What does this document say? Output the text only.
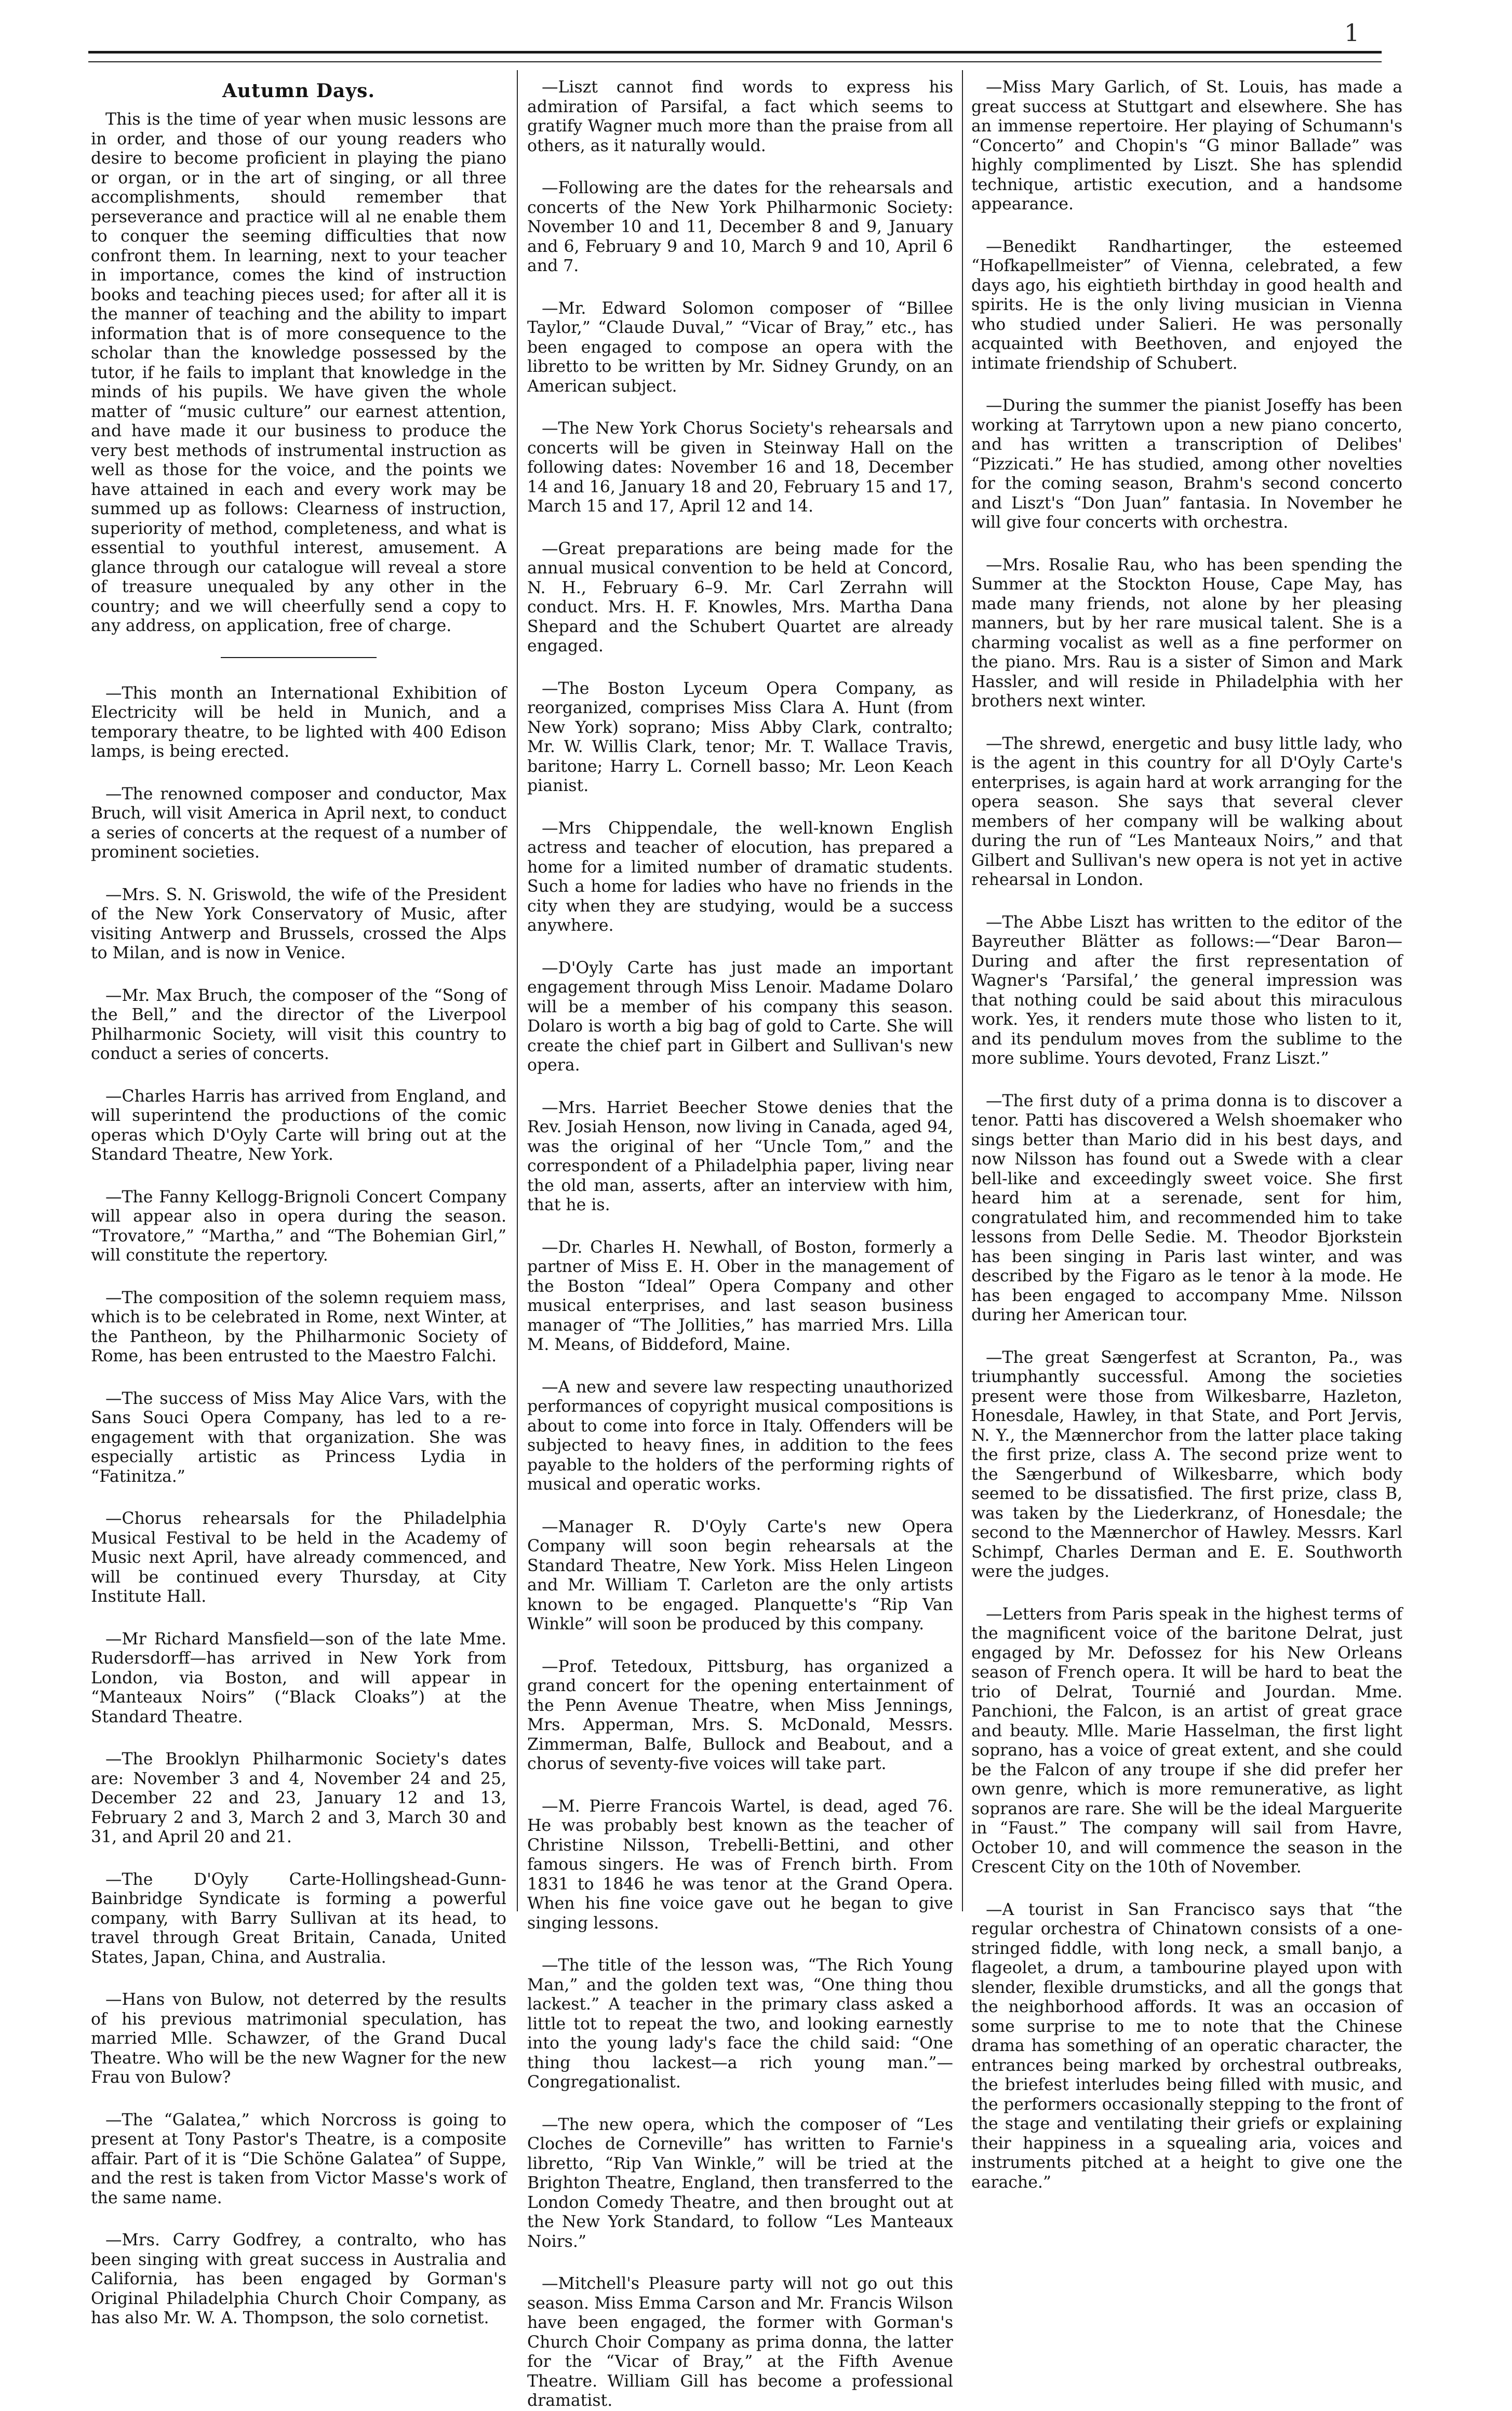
1
Autumn Days.

This is the time of year when music lessons are in order, and those of our young readers who desire to become proficient in playing the piano or organ, or in the art of singing, or all three accomplishments, should remember that perseverance and practice will al ne enable them to conquer the seeming difficulties that now confront them. In learning, next to your teacher in importance, comes the kind of instruction books and teaching pieces used; for after all it is the manner of teaching and the ability to impart information that is of more consequence to the scholar than the knowledge possessed by the tutor, if he fails to implant that knowledge in the minds of his pupils. We have given the whole matter of “music culture” our earnest attention, and have made it our business to produce the very best methods of instrumental instruction as well as those for the voice, and the points we have attained in each and every work may be summed up as follows: Clearness of instruction, superiority of method, completeness, and what is essential to youthful interest, amusement. A glance through our catalogue will reveal a store of treasure unequaled by any other in the country; and we will cheerfully send a copy to any address, on application, free of charge.

—This month an International Exhibition of Electricity will be held in Munich, and a temporary theatre, to be lighted with 400 Edison lamps, is being erected.

—The renowned composer and conductor, Max Bruch, will visit America in April next, to conduct a series of concerts at the request of a number of prominent societies.

—Mrs. S. N. Griswold, the wife of the President of the New York Conservatory of Music, after visiting Antwerp and Brussels, crossed the Alps to Milan, and is now in Venice.

—Mr. Max Bruch, the composer of the “Song of the Bell,” and the director of the Liverpool Philharmonic Society, will visit this country to conduct a series of concerts.

—Charles Harris has arrived from England, and will superintend the productions of the comic operas which D'Oyly Carte will bring out at the Standard Theatre, New York.

—The Fanny Kellogg-Brignoli Concert Company will appear also in opera during the season. “Trovatore,” “Martha,” and “The Bohemian Girl,” will constitute the repertory.

—The composition of the solemn requiem mass, which is to be celebrated in Rome, next Winter, at the Pantheon, by the Philharmonic Society of Rome, has been entrusted to the Maestro Falchi.

—The success of Miss May Alice Vars, with the Sans Souci Opera Company, has led to a re-engagement with that organization. She was especially artistic as Princess Lydia in “Fatinitza.”

—Chorus rehearsals for the Philadelphia Musical Festival to be held in the Academy of Music next April, have already commenced, and will be continued every Thursday, at City Institute Hall.

—Mr Richard Mansfield—son of the late Mme. Rudersdorff—has arrived in New York from London, via Boston, and will appear in “Manteaux Noirs” (“Black Cloaks”) at the Standard Theatre.

—The Brooklyn Philharmonic Society's dates are: November 3 and 4, November 24 and 25, December 22 and 23, January 12 and 13, February 2 and 3, March 2 and 3, March 30 and 31, and April 20 and 21.

—The D'Oyly Carte-Hollingshead-Gunn-Bainbridge Syndicate is forming a powerful company, with Barry Sullivan at its head, to travel through Great Britain, Canada, United States, Japan, China, and Australia.

—Hans von Bulow, not deterred by the results of his previous matrimonial speculation, has married Mlle. Schawzer, of the Grand Ducal Theatre. Who will be the new Wagner for the new Frau von Bulow?

—The “Galatea,” which Norcross is going to present at Tony Pastor's Theatre, is a composite affair. Part of it is “Die Schöne Galatea” of Suppe, and the rest is taken from Victor Masse's work of the same name.

—Mrs. Carry Godfrey, a contralto, who has been singing with great success in Australia and California, has been engaged by Gorman's Original Philadelphia Church Choir Company, as has also Mr. W. A. Thompson, the solo cornetist.

—Liszt cannot find words to express his admiration of Parsifal, a fact which seems to gratify Wagner much more than the praise from all others, as it naturally would.

—Following are the dates for the rehearsals and concerts of the New York Philharmonic Society: November 10 and 11, December 8 and 9, January and 6, February 9 and 10, March 9 and 10, April 6 and 7.

—Mr. Edward Solomon composer of “Billee Taylor,” “Claude Duval,” “Vicar of Bray,” etc., has been engaged to compose an opera with the libretto to be written by Mr. Sidney Grundy, on an American subject.

—The New York Chorus Society's rehearsals and concerts will be given in Steinway Hall on the following dates: November 16 and 18, December 14 and 16, January 18 and 20, February 15 and 17, March 15 and 17, April 12 and 14.

—Great preparations are being made for the annual musical convention to be held at Concord, N. H., February 6–9. Mr. Carl Zerrahn will conduct. Mrs. H. F. Knowles, Mrs. Martha Dana Shepard and the Schubert Quartet are already engaged.

—The Boston Lyceum Opera Company, as reorganized, comprises Miss Clara A. Hunt (from New York) soprano; Miss Abby Clark, contralto; Mr. W. Willis Clark, tenor; Mr. T. Wallace Travis, baritone; Harry L. Cornell basso; Mr. Leon Keach pianist.

—Mrs Chippendale, the well-known English actress and teacher of elocution, has prepared a home for a limited number of dramatic students. Such a home for ladies who have no friends in the city when they are studying, would be a success anywhere.

—D'Oyly Carte has just made an important engagement through Miss Lenoir. Madame Dolaro will be a member of his company this season. Dolaro is worth a big bag of gold to Carte. She will create the chief part in Gilbert and Sullivan's new opera.

—Mrs. Harriet Beecher Stowe denies that the Rev. Josiah Henson, now living in Canada, aged 94, was the original of her “Uncle Tom,” and the correspondent of a Philadelphia paper, living near the old man, asserts, after an interview with him, that he is.

—Dr. Charles H. Newhall, of Boston, formerly a partner of Miss E. H. Ober in the management of the Boston “Ideal” Opera Company and other musical enterprises, and last season business manager of “The Jollities,” has married Mrs. Lilla M. Means, of Biddeford, Maine.

—A new and severe law respecting unauthorized performances of copyright musical compositions is about to come into force in Italy. Offenders will be subjected to heavy fines, in addition to the fees payable to the holders of the performing rights of musical and operatic works.

—Manager R. D'Oyly Carte's new Opera Company will soon begin rehearsals at the Standard Theatre, New York. Miss Helen Lingeon and Mr. William T. Carleton are the only artists known to be engaged. Planquette's “Rip Van Winkle” will soon be produced by this company.

—Prof. Tetedoux, Pittsburg, has organized a grand concert for the opening entertainment of the Penn Avenue Theatre, when Miss Jennings, Mrs. Apperman, Mrs. S. McDonald, Messrs. Zimmerman, Balfe, Bullock and Beabout, and a chorus of seventy-five voices will take part.

—M. Pierre Francois Wartel, is dead, aged 76. He was probably best known as the teacher of Christine Nilsson, Trebelli-Bettini, and other famous singers. He was of French birth. From 1831 to 1846 he was tenor at the Grand Opera. When his fine voice gave out he began to give singing lessons.

—The title of the lesson was, “The Rich Young Man,” and the golden text was, “One thing thou lackest.” A teacher in the primary class asked a little tot to repeat the two, and looking earnestly into the young lady's face the child said: “One thing thou lackest—a rich young man.”—Congregationalist.

—The new opera, which the composer of “Les Cloches de Corneville” has written to Farnie's libretto, “Rip Van Winkle,” will be tried at the Brighton Theatre, England, then transferred to the London Comedy Theatre, and then brought out at the New York Standard, to follow “Les Manteaux Noirs.”

—Mitchell's Pleasure party will not go out this season. Miss Emma Carson and Mr. Francis Wilson have been engaged, the former with Gorman's Church Choir Company as prima donna, the latter for the “Vicar of Bray,” at the Fifth Avenue Theatre. William Gill has become a professional dramatist.

—Miss Mary Garlich, of St. Louis, has made a great success at Stuttgart and elsewhere. She has an immense repertoire. Her playing of Schumann's “Concerto” and Chopin's “G minor Ballade” was highly complimented by Liszt. She has splendid technique, artistic execution, and a handsome appearance.

—Benedikt Randhartinger, the esteemed “Hofkapellmeister” of Vienna, celebrated, a few days ago, his eightieth birthday in good health and spirits. He is the only living musician in Vienna who studied under Salieri. He was personally acquainted with Beethoven, and enjoyed the intimate friendship of Schubert.

—During the summer the pianist Joseffy has been working at Tarrytown upon a new piano concerto, and has written a transcription of Delibes' “Pizzicati.” He has studied, among other novelties for the coming season, Brahm's second concerto and Liszt's “Don Juan” fantasia. In November he will give four concerts with orchestra.

—Mrs. Rosalie Rau, who has been spending the Summer at the Stockton House, Cape May, has made many friends, not alone by her pleasing manners, but by her rare musical talent. She is a charming vocalist as well as a fine performer on the piano. Mrs. Rau is a sister of Simon and Mark Hassler, and will reside in Philadelphia with her brothers next winter.

—The shrewd, energetic and busy little lady, who is the agent in this country for all D'Oyly Carte's enterprises, is again hard at work arranging for the opera season. She says that several clever members of her company will be walking about during the run of “Les Manteaux Noirs,” and that Gilbert and Sullivan's new opera is not yet in active rehearsal in London.

—The Abbe Liszt has written to the editor of the Bayreuther Blätter as follows:—“Dear Baron—During and after the first representation of Wagner's ‘Parsifal,’ the general impression was that nothing could be said about this miraculous work. Yes, it renders mute those who listen to it, and its pendulum moves from the sublime to the more sublime. Yours devoted, Franz Liszt.”

—The first duty of a prima donna is to discover a tenor. Patti has discovered a Welsh shoemaker who sings better than Mario did in his best days, and now Nilsson has found out a Swede with a clear bell-like and exceedingly sweet voice. She first heard him at a serenade, sent for him, congratulated him, and recommended him to take lessons from Delle Sedie. M. Theodor Bjorkstein has been singing in Paris last winter, and was described by the Figaro as le tenor à la mode. He has been engaged to accompany Mme. Nilsson during her American tour.

—The great Sængerfest at Scranton, Pa., was triumphantly successful. Among the societies present were those from Wilkesbarre, Hazleton, Honesdale, Hawley, in that State, and Port Jervis, N. Y., the Mænnerchor from the latter place taking the first prize, class A. The second prize went to the Sængerbund of Wilkesbarre, which body seemed to be dissatisfied. The first prize, class B, was taken by the Liederkranz, of Honesdale; the second to the Mænnerchor of Hawley. Messrs. Karl Schimpf, Charles Derman and E. E. Southworth were the judges.

—Letters from Paris speak in the highest terms of the magnificent voice of the baritone Delrat, just engaged by Mr. Defossez for his New Orleans season of French opera. It will be hard to beat the trio of Delrat, Tournié and Jourdan. Mme. Panchioni, the Falcon, is an artist of great grace and beauty. Mlle. Marie Hasselman, the first light soprano, has a voice of great extent, and she could be the Falcon of any troupe if she did prefer her own genre, which is more remunerative, as light sopranos are rare. She will be the ideal Marguerite in “Faust.” The company will sail from Havre, October 10, and will commence the season in the Crescent City on the 10th of November.

—A tourist in San Francisco says that “the regular orchestra of Chinatown consists of a one-stringed fiddle, with long neck, a small banjo, a flageolet, a drum, a tambourine played upon with slender, flexible drumsticks, and all the gongs that the neighborhood affords. It was an occasion of some surprise to me to note that the Chinese drama has something of an operatic character, the entrances being marked by orchestral outbreaks, the briefest interludes being filled with music, and the performers occasionally stepping to the front of the stage and ventilating their griefs or explaining their happiness in a squealing aria, voices and instruments pitched at a height to give one the earache.”
